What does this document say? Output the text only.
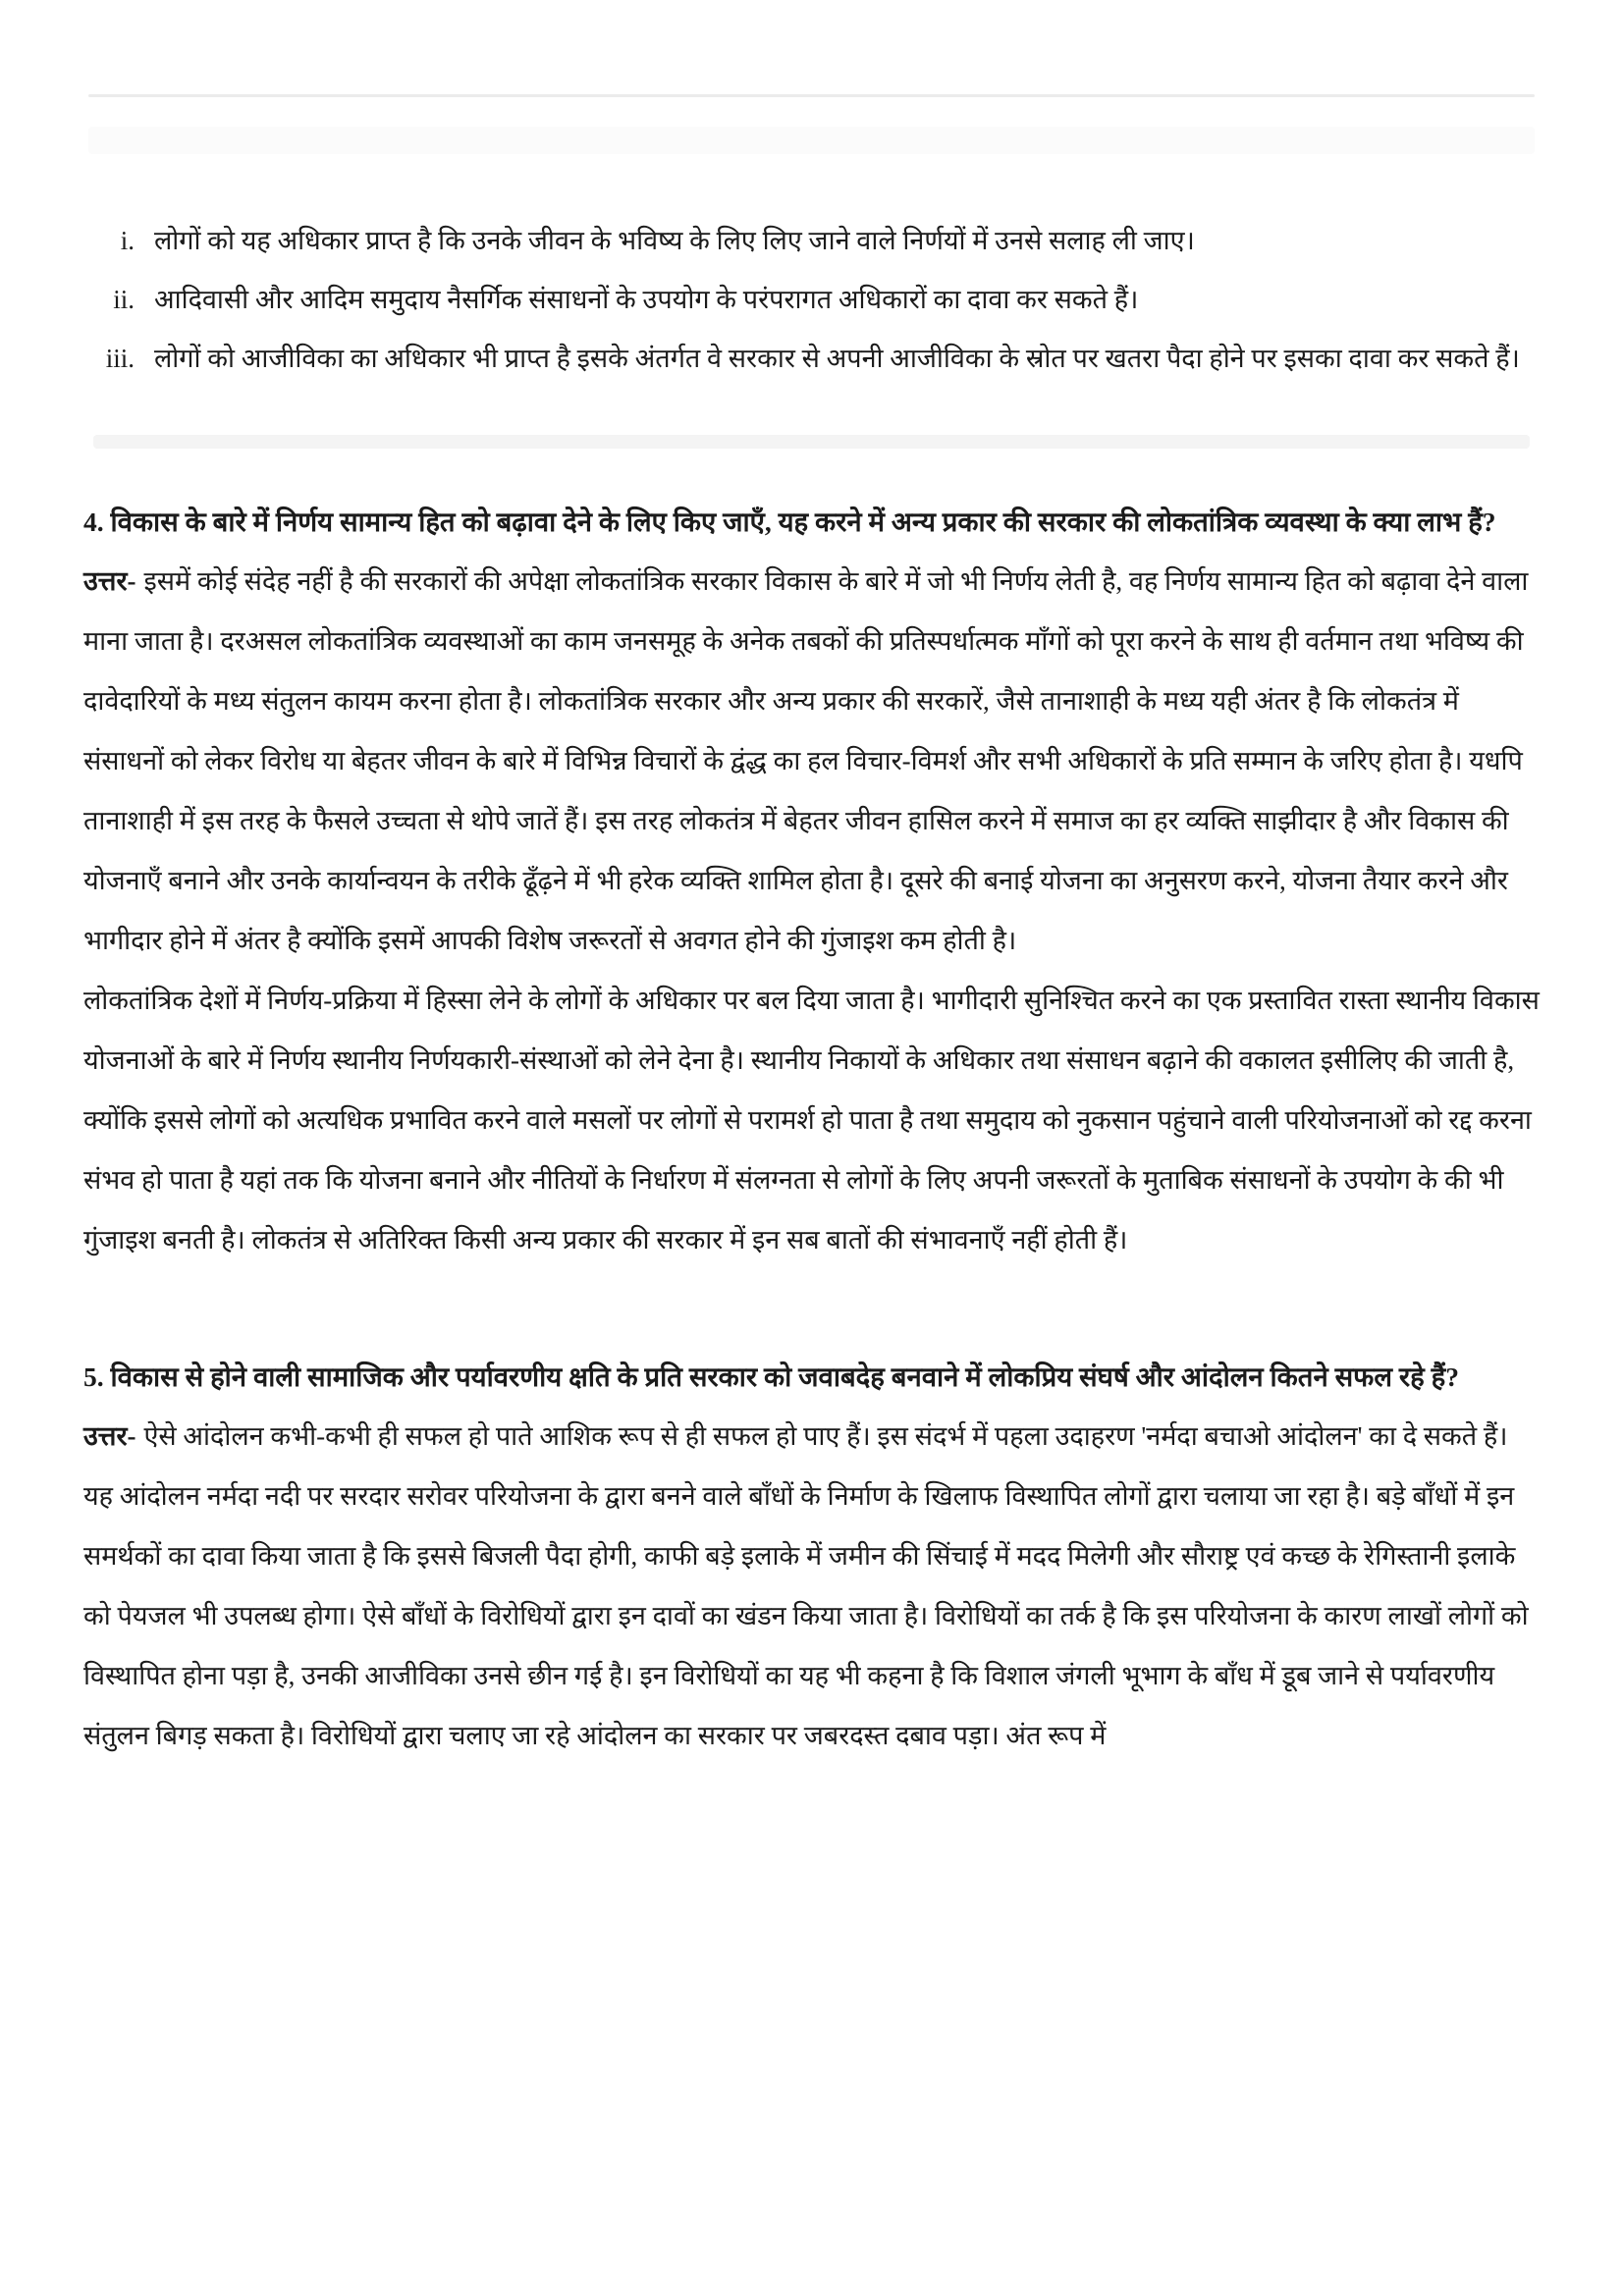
i. लोगों को यह अधिकार प्राप्त है कि उनके जीवन के भविष्य के लिए लिए जाने वाले निर्णयों में उनसे सलाह ली जाए।
ii. आदिवासी और आदिम समुदाय नैसर्गिक संसाधनों के उपयोग के परंपरागत अधिकारों का दावा कर सकते हैं।
iii. लोगों को आजीविका का अधिकार भी प्राप्त है इसके अंतर्गत वे सरकार से अपनी आजीविका के स्रोत पर खतरा पैदा होने पर इसका दावा कर सकते हैं।

4. विकास के बारे में निर्णय सामान्य हित को बढ़ावा देने के लिए किए जाएँ, यह करने में अन्य प्रकार की सरकार की लोकतांत्रिक व्यवस्था के क्या लाभ हैं?

उत्तर- इसमें कोई संदेह नहीं है की सरकारों की अपेक्षा लोकतांत्रिक सरकार विकास के बारे में जो भी निर्णय लेती है, वह निर्णय सामान्य हित को बढ़ावा देने वाला माना जाता है। दरअसल लोकतांत्रिक व्यवस्थाओं का काम जनसमूह के अनेक तबकों की प्रतिस्पर्धात्मक माँगों को पूरा करने के साथ ही वर्तमान तथा भविष्य की दावेदारियों के मध्य संतुलन कायम करना होता है। लोकतांत्रिक सरकार और अन्य प्रकार की सरकारें, जैसे तानाशाही के मध्य यही अंतर है कि लोकतंत्र में संसाधनों को लेकर विरोध या बेहतर जीवन के बारे में विभिन्न विचारों के द्वंद्ध का हल विचार-विमर्श और सभी अधिकारों के प्रति सम्मान के जरिए होता है। यधपि तानाशाही में इस तरह के फैसले उच्चता से थोपे जातें हैं। इस तरह लोकतंत्र में बेहतर जीवन हासिल करने में समाज का हर व्यक्ति साझीदार है और विकास की योजनाएँ बनाने और उनके कार्यान्वयन के तरीके ढूँढ़ने में भी हरेक व्यक्ति शामिल होता है। दूसरे की बनाई योजना का अनुसरण करने, योजना तैयार करने और भागीदार होने में अंतर है क्योंकि इसमें आपकी विशेष जरूरतों से अवगत होने की गुंजाइश कम होती है।

लोकतांत्रिक देशों में निर्णय-प्रक्रिया में हिस्सा लेने के लोगों के अधिकार पर बल दिया जाता है। भागीदारी सुनिश्चित करने का एक प्रस्तावित रास्ता स्थानीय विकास योजनाओं के बारे में निर्णय स्थानीय निर्णयकारी-संस्थाओं को लेने देना है। स्थानीय निकायों के अधिकार तथा संसाधन बढ़ाने की वकालत इसीलिए की जाती है, क्योंकि इससे लोगों को अत्यधिक प्रभावित करने वाले मसलों पर लोगों से परामर्श हो पाता है तथा समुदाय को नुकसान पहुंचाने वाली परियोजनाओं को रद्द करना संभव हो पाता है यहां तक कि योजना बनाने और नीतियों के निर्धारण में संलग्नता से लोगों के लिए अपनी जरूरतों के मुताबिक संसाधनों के उपयोग के की भी गुंजाइश बनती है। लोकतंत्र से अतिरिक्त किसी अन्य प्रकार की सरकार में इन सब बातों की संभावनाएँ नहीं होती हैं।

5. विकास से होने वाली सामाजिक और पर्यावरणीय क्षति के प्रति सरकार को जवाबदेह बनवाने में लोकप्रिय संघर्ष और आंदोलन कितने सफल रहे हैं?

उत्तर- ऐसे आंदोलन कभी-कभी ही सफल हो पाते आशिक रूप से ही सफल हो पाए हैं। इस संदर्भ में पहला उदाहरण 'नर्मदा बचाओ आंदोलन' का दे सकते हैं। यह आंदोलन नर्मदा नदी पर सरदार सरोवर परियोजना के द्वारा बनने वाले बाँधों के निर्माण के खिलाफ विस्थापित लोगों द्वारा चलाया जा रहा है। बड़े बाँधों में इन समर्थकों का दावा किया जाता है कि इससे बिजली पैदा होगी, काफी बड़े इलाके में जमीन की सिंचाई में मदद मिलेगी और सौराष्ट्र एवं कच्छ के रेगिस्तानी इलाके को पेयजल भी उपलब्ध होगा। ऐसे बाँधों के विरोधियों द्वारा इन दावों का खंडन किया जाता है। विरोधियों का तर्क है कि इस परियोजना के कारण लाखों लोगों को विस्थापित होना पड़ा है, उनकी आजीविका उनसे छीन गई है। इन विरोधियों का यह भी कहना है कि विशाल जंगली भूभाग के बाँध में डूब जाने से पर्यावरणीय संतुलन बिगड़ सकता है। विरोधियों द्वारा चलाए जा रहे आंदोलन का सरकार पर जबरदस्त दबाव पड़ा। अंत रूप में
